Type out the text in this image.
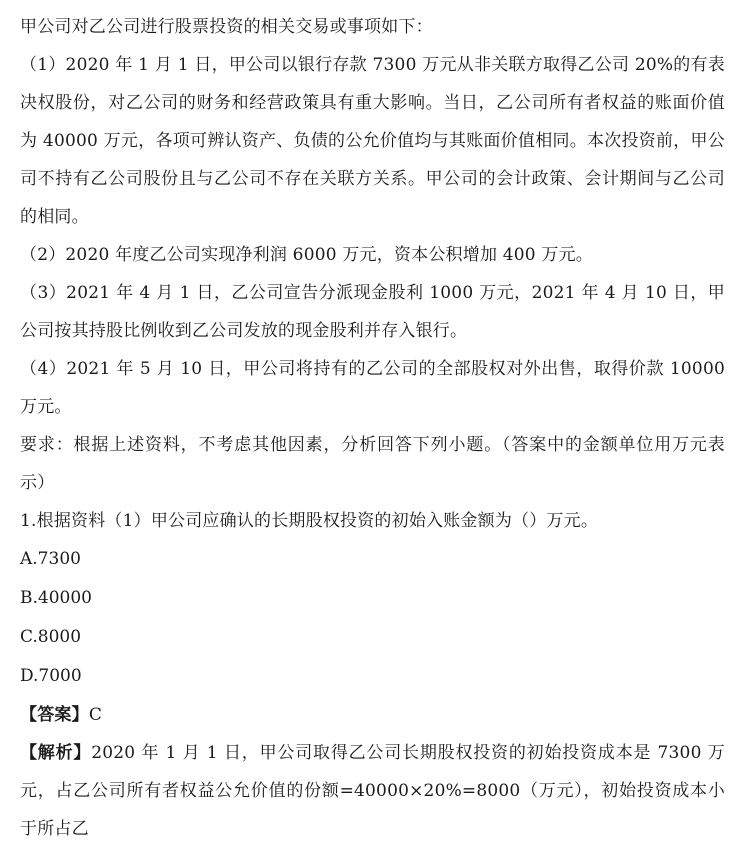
甲公司对乙公司进行股票投资的相关交易或事项如下：

（1）2020 年 1 月 1 日，甲公司以银行存款 7300 万元从非关联方取得乙公司 20%的有表决权股份，对乙公司的财务和经营政策具有重大影响。当日，乙公司所有者权益的账面价值为 40000 万元，各项可辨认资产、负债的公允价值均与其账面价值相同。本次投资前，甲公司不持有乙公司股份且与乙公司不存在关联方关系。甲公司的会计政策、会计期间与乙公司的相同。

（2）2020 年度乙公司实现净利润 6000 万元，资本公积增加 400 万元。

（3）2021 年 4 月 1 日，乙公司宣告分派现金股利 1000 万元，2021 年 4 月 10 日，甲公司按其持股比例收到乙公司发放的现金股利并存入银行。

（4）2021 年 5 月 10 日，甲公司将持有的乙公司的全部股权对外出售，取得价款 10000 万元。

要求：根据上述资料，不考虑其他因素，分析回答下列小题。（答案中的金额单位用万元表示）

1.根据资料（1）甲公司应确认的长期股权投资的初始入账金额为（）万元。

A.7300

B.40000

C.8000

D.7000

【答案】C

【解析】2020 年 1 月 1 日，甲公司取得乙公司长期股权投资的初始投资成本是 7300 万元，占乙公司所有者权益公允价值的份额=40000×20%=8000（万元），初始投资成本小于所占乙
